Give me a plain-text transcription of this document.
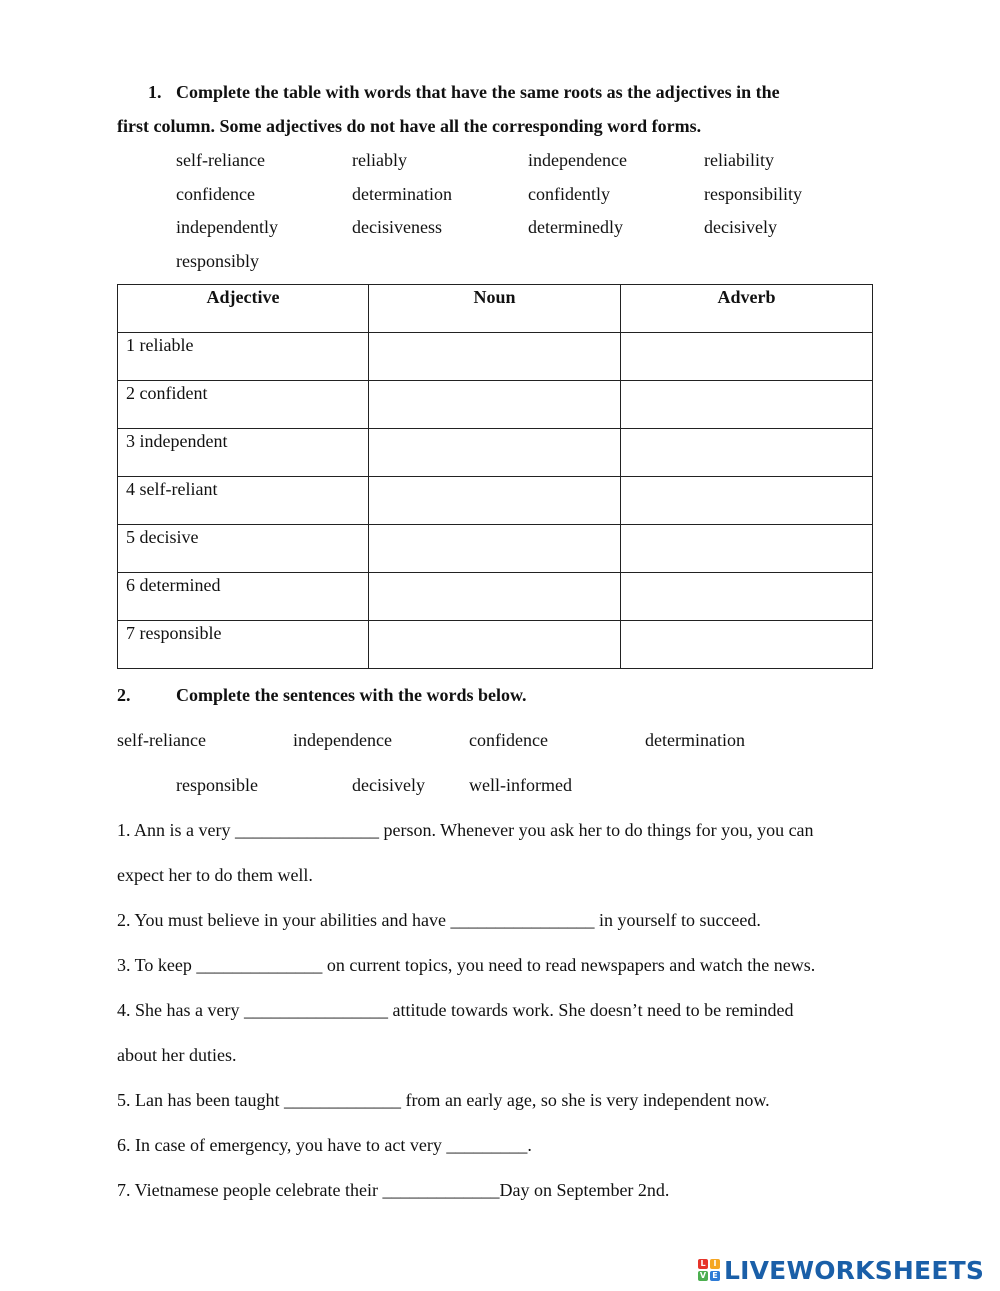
1. Complete the table with words that have the same roots as the adjectives in the
first column. Some adjectives do not have all the corresponding word forms.
self-reliance	reliably	independence	reliability
confidence	determination	confidently	responsibility
independently	decisiveness	determinedly	decisively
responsibly
Adjective	Noun	Adverb
1 reliable		
2 confident		
3 independent		
4 self-reliant		
5 decisive		
6 determined		
7 responsible		
2.	Complete the sentences with the words below.
self-reliance	independence	confidence	determination
responsible	decisively well-informed
1. Ann is a very ________________ person. Whenever you ask her to do things for you, you can
expect her to do them well.
2. You must believe in your abilities and have ________________ in yourself to succeed.
3. To keep ______________ on current topics, you need to read newspapers and watch the news.
4. She has a very ________________ attitude towards work. She doesn’t need to be reminded
about her duties.
5. Lan has been taught _____________ from an early age, so she is very independent now.
6. In case of emergency, you have to act very _________.
7. Vietnamese people celebrate their _____________Day on September 2nd.
L I
V E LIVEWORKSHEETS
